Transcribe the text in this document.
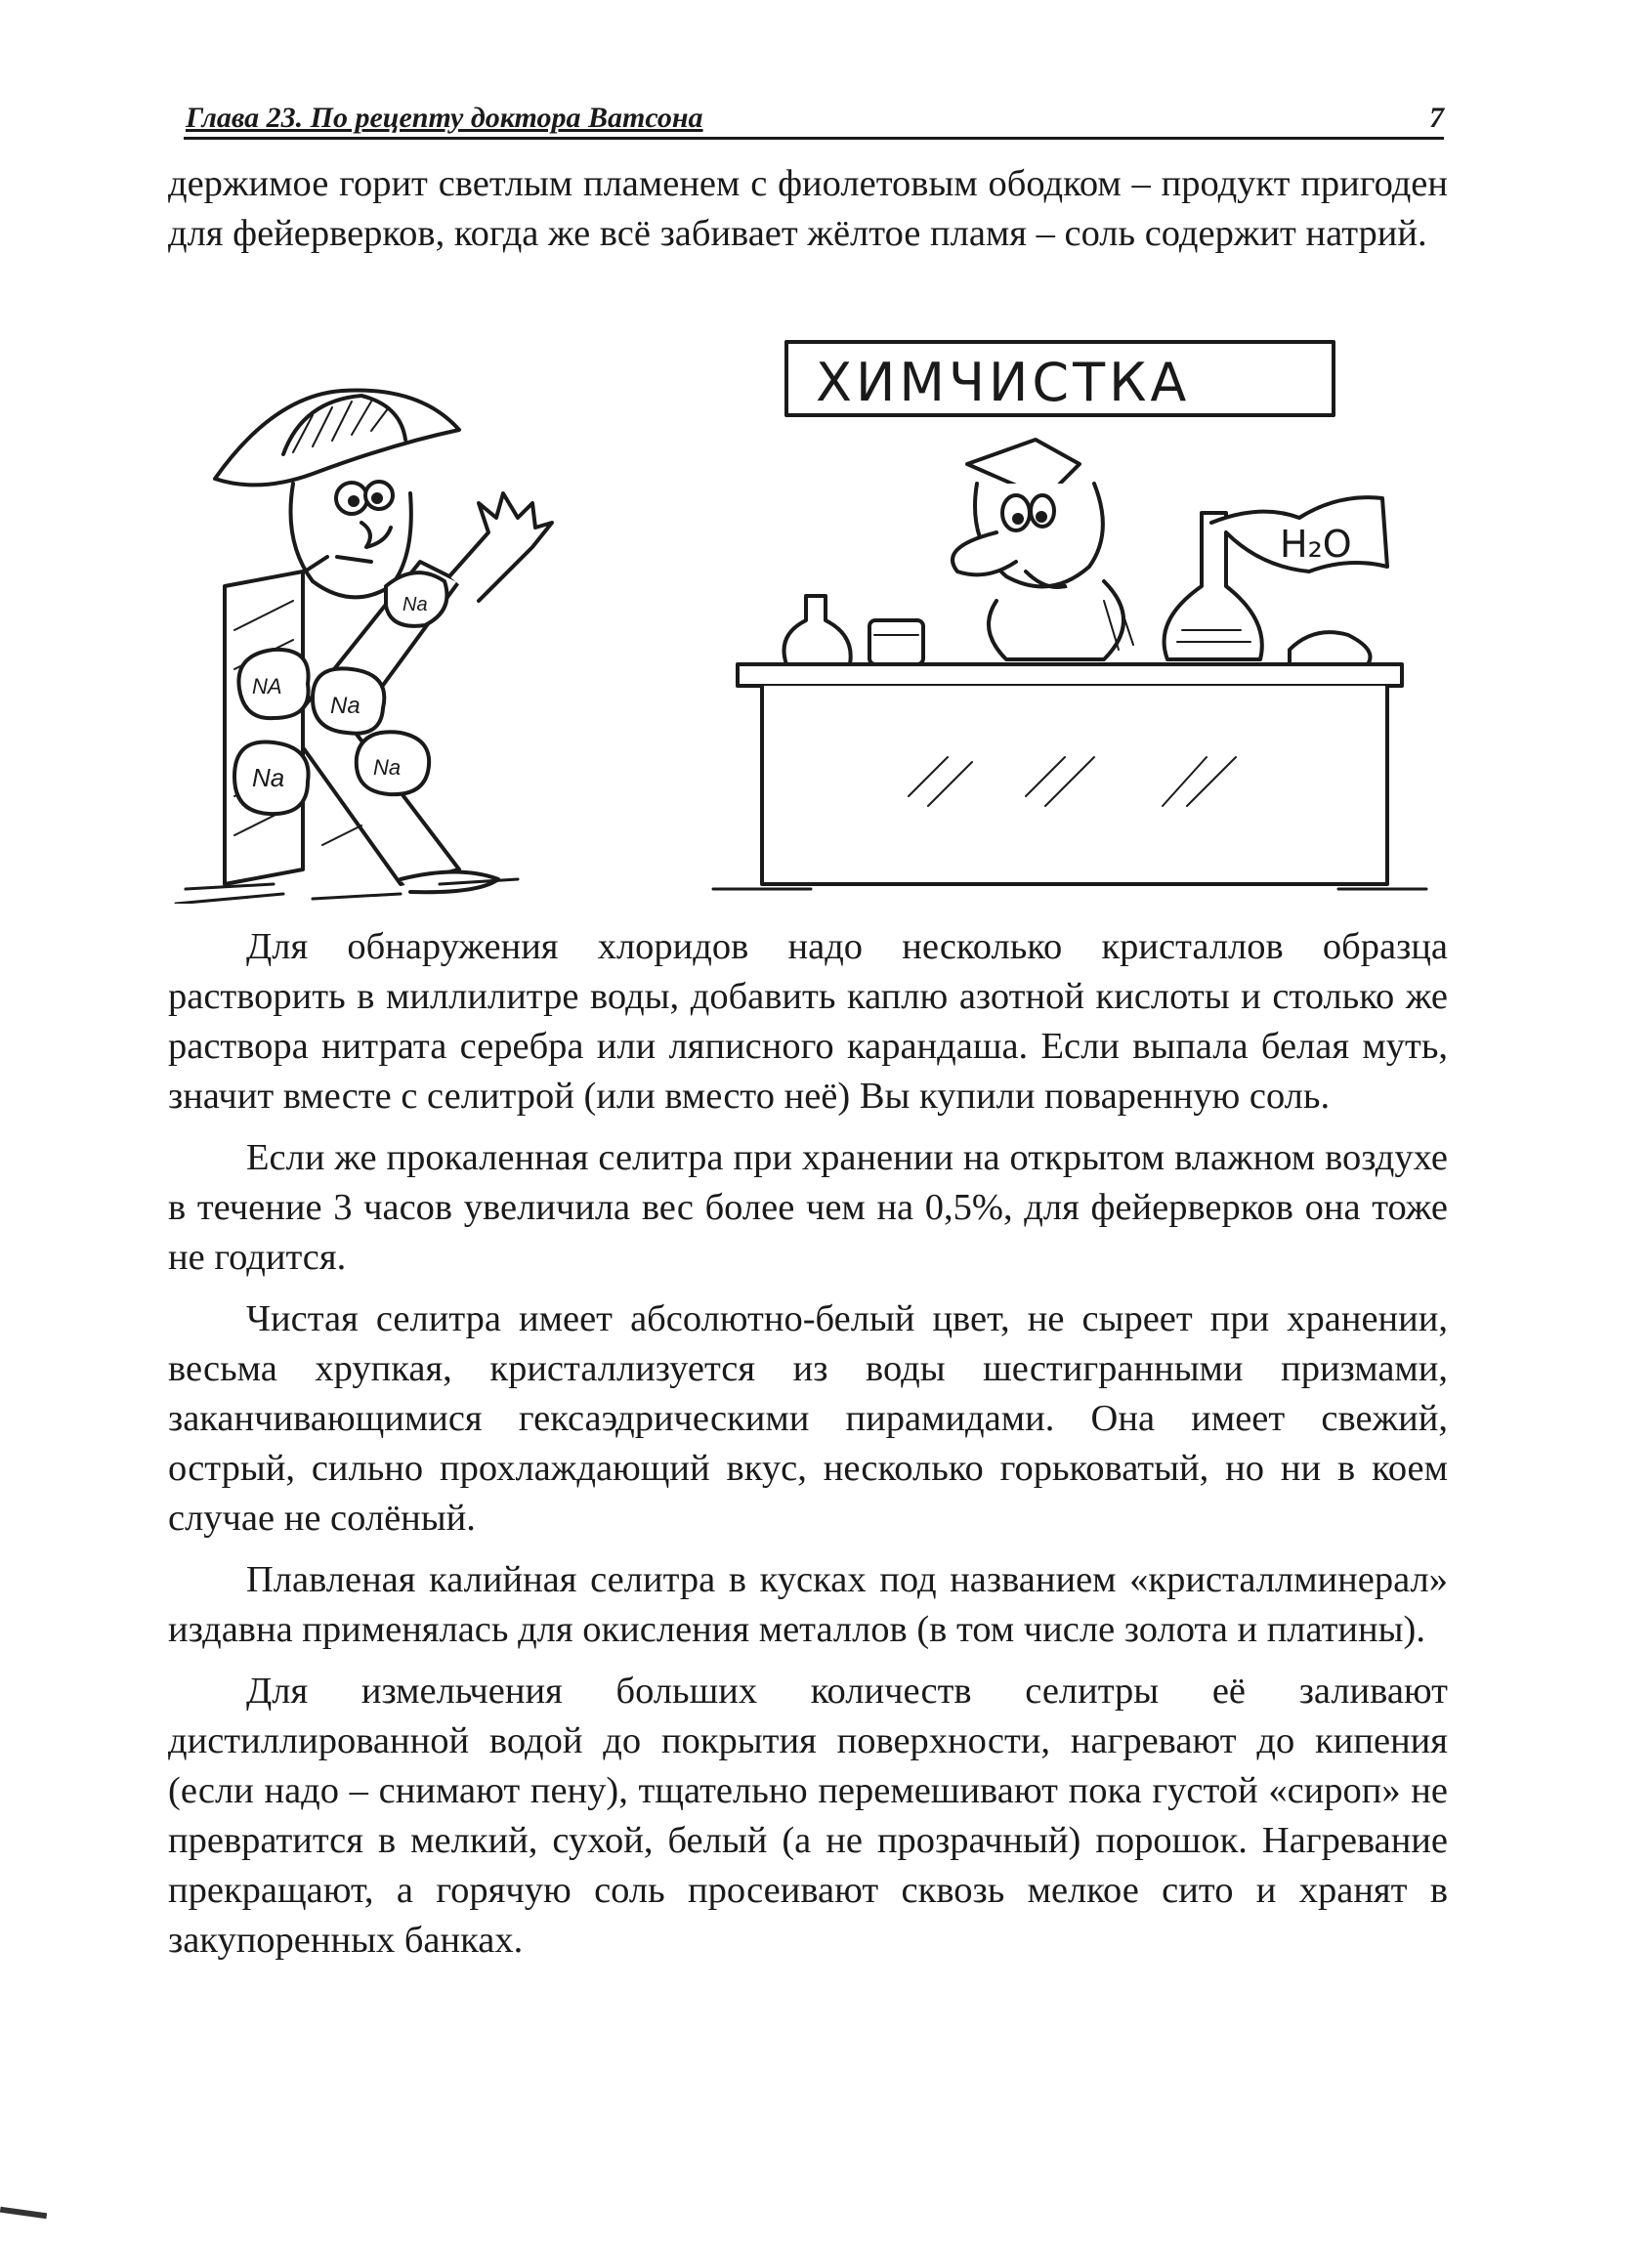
Глава 23. По рецепту доктора Ватсона	7

держимое горит светлым пламенем с фиолетовым ободком – продукт пригоден для фейерверков, когда же всё забивает жёлтое пламя – соль содержит натрий.

NA
Na
Na
Na	Na
ХИМЧИСТКА
H₂O

Для обнаружения хлоридов надо несколько кристаллов образца растворить в миллилитре воды, добавить каплю азотной кислоты и столько же раствора нитрата серебра или ляписного карандаша. Если выпала белая муть, значит вместе с селитрой (или вместо неё) Вы купили поваренную соль.

Если же прокаленная селитра при хранении на открытом влажном воздухе в течение 3 часов увеличила вес более чем на 0,5%, для фейерверков она тоже не годится.

Чистая селитра имеет абсолютно-белый цвет, не сыреет при хранении, весьма хрупкая, кристаллизуется из воды шестигранными призмами, заканчивающимися гексаэдрическими пирамидами. Она имеет свежий, острый, сильно прохлаждающий вкус, несколько горьковатый, но ни в коем случае не солёный.

Плавленая калийная селитра в кусках под названием «кристаллминерал» издавна применялась для окисления металлов (в том числе золота и платины).

Для измельчения больших количеств селитры её заливают дистиллированной водой до покрытия поверхности, нагревают до кипения (если надо – снимают пену), тщательно перемешивают пока густой «сироп» не превратится в мелкий, сухой, белый (а не прозрачный) порошок. Нагревание прекращают, а горячую соль просеивают сквозь мелкое сито и хранят в закупоренных банках.
